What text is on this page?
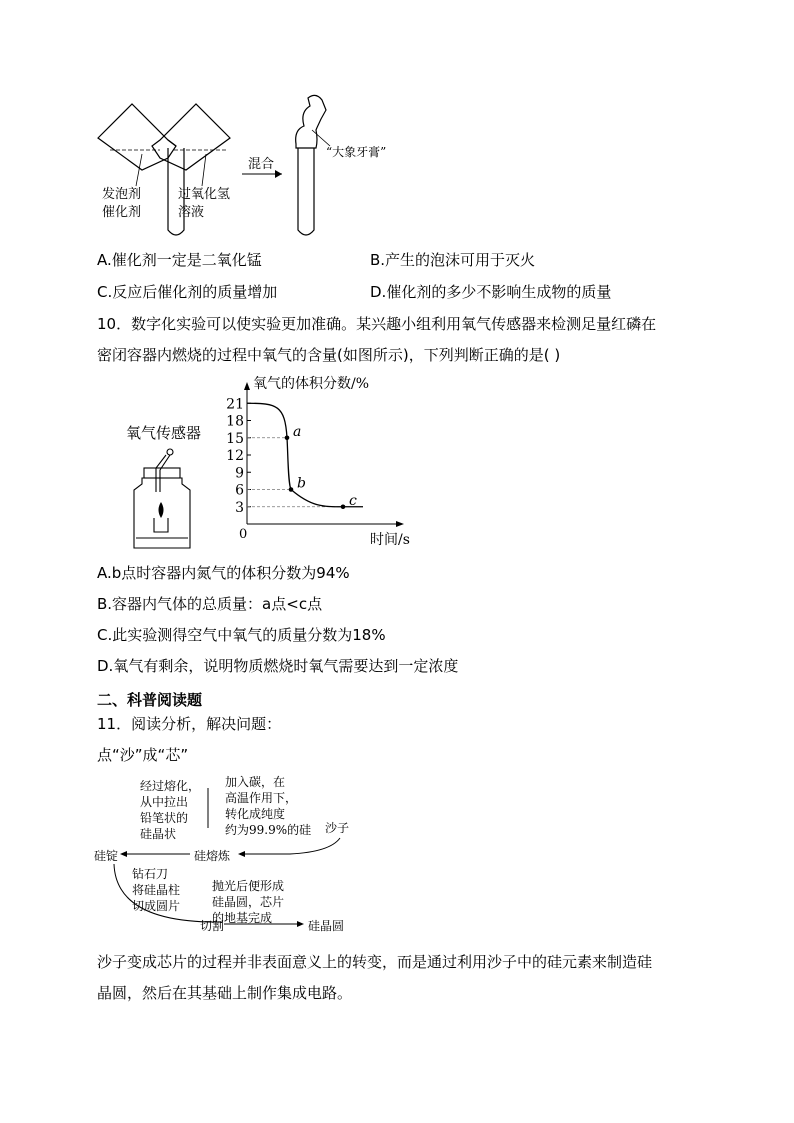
发泡剂
催化剂
过氧化氢
溶液
混合
“大象牙膏”
A.催化剂一定是二氧化锰	B.产生的泡沫可用于灭火
C.反应后催化剂的质量增加	D.催化剂的多少不影响生成物的质量
10．数字化实验可以使实验更加准确。某兴趣小组利用氧气传感器来检测足量红磷在
密闭容器内燃烧的过程中氧气的含量(如图所示)，下列判断正确的是( )
氧气传感器
21
18
15
12
9
6
3
a
b
c
氧气的体积分数/%
时间/s
0
A.b点时容器内氮气的体积分数为94%
B.容器内气体的总质量：a点<c点
C.此实验测得空气中氧气的质量分数为18%
D.氧气有剩余，说明物质燃烧时氧气需要达到一定浓度
二、科普阅读题
11．阅读分析，解决问题：
点“沙”成“芯”
经过熔化，
从中拉出
铅笔状的
硅晶状
加入碳，在
高温作用下，
转化成纯度
约为99.9%的硅 沙子
硅熔炼
硅锭
钻石刀
将硅晶柱
切成圆片
抛光后便形成
硅晶圆，芯片
的地基完成
切割	硅晶圆
沙子变成芯片的过程并非表面意义上的转变，而是通过利用沙子中的硅元素来制造硅
晶圆，然后在其基础上制作集成电路。
